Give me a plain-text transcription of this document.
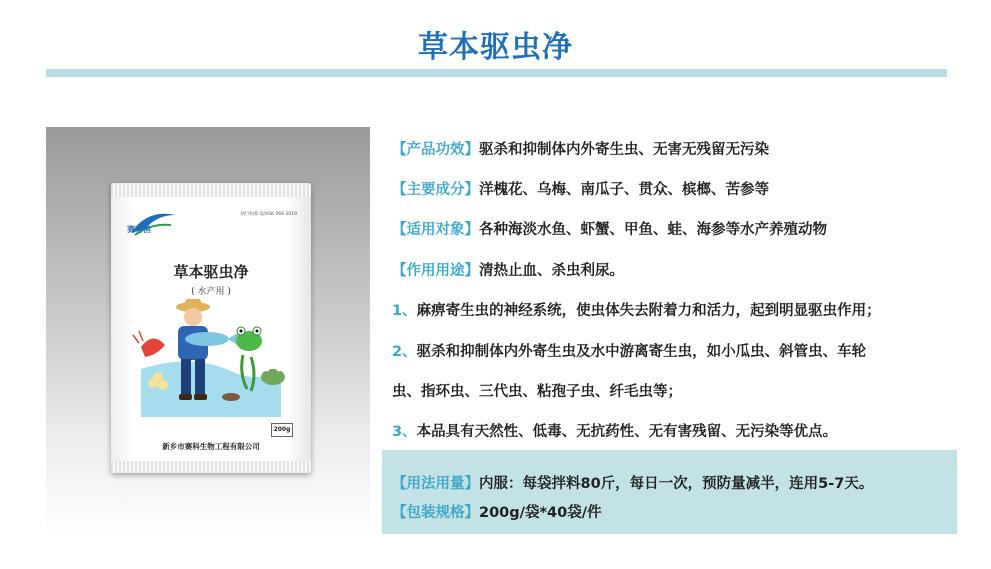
草本驱虫净
赛有渔
执行标准:Q/XSK 064-2019
草本驱虫净
( 水产用 )
200g
新乡市赛科生物工程有限公司
【产品功效】驱杀和抑制体内外寄生虫、无害无残留无污染
【主要成分】洋槐花、乌梅、南瓜子、贯众、槟榔、苦参等
【适用对象】各种海淡水鱼、虾蟹、甲鱼、蛙、海参等水产养殖动物
【作用用途】清热止血、杀虫利尿。
1、麻痹寄生虫的神经系统，使虫体失去附着力和活力，起到明显驱虫作用；
2、驱杀和抑制体内外寄生虫及水中游离寄生虫，如小瓜虫、斜管虫、车轮
虫、指环虫、三代虫、粘孢子虫、纤毛虫等；
3、本品具有天然性、低毒、无抗药性、无有害残留、无污染等优点。
【用法用量】内服：每袋拌料80斤，每日一次，预防量减半，连用5-7天。
【包装规格】200g/袋*40袋/件
